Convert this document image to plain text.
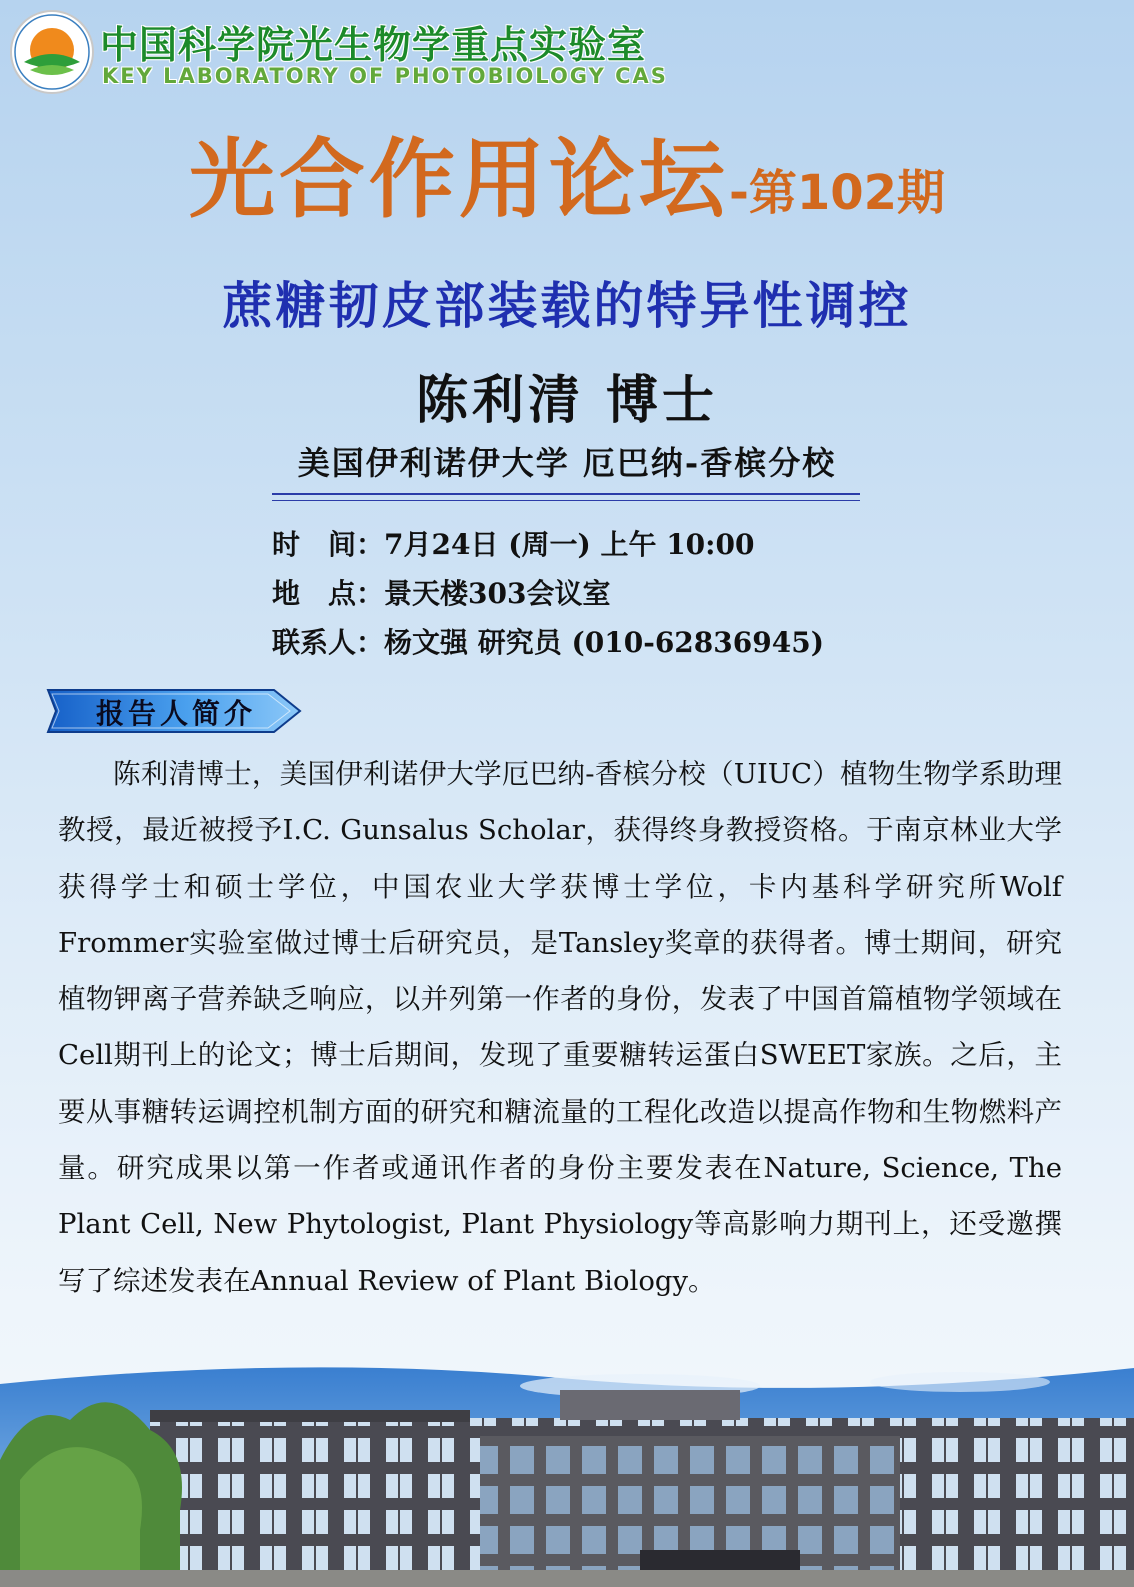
中国科学院光生物学重点实验室
KEY LABORATORY OF PHOTOBIOLOGY CAS
光合作用论坛-第102期
蔗糖韧皮部装载的特异性调控
陈利清 博士
美国伊利诺伊大学 厄巴纳-香槟分校
时　间：7月24日 (周一) 上午 10:00
地　点：景天楼303会议室
联系人：杨文强 研究员 (010-62836945)
报告人简介

陈利清博士，美国伊利诺伊大学厄巴纳-香槟分校（UIUC）植物生物学系助理教授，最近被授予I.C. Gunsalus Scholar，获得终身教授资格。于南京林业大学获得学士和硕士学位，中国农业大学获博士学位，卡内基科学研究所Wolf Frommer实验室做过博士后研究员，是Tansley奖章的获得者。博士期间，研究植物钾离子营养缺乏响应，以并列第一作者的身份，发表了中国首篇植物学领域在Cell期刊上的论文；博士后期间，发现了重要糖转运蛋白SWEET家族。之后，主要从事糖转运调控机制方面的研究和糖流量的工程化改造以提高作物和生物燃料产量。研究成果以第一作者或通讯作者的身份主要发表在Nature, Science, The Plant Cell, New Phytologist, Plant Physiology等高影响力期刊上，还受邀撰写了综述发表在Annual Review of Plant Biology。
